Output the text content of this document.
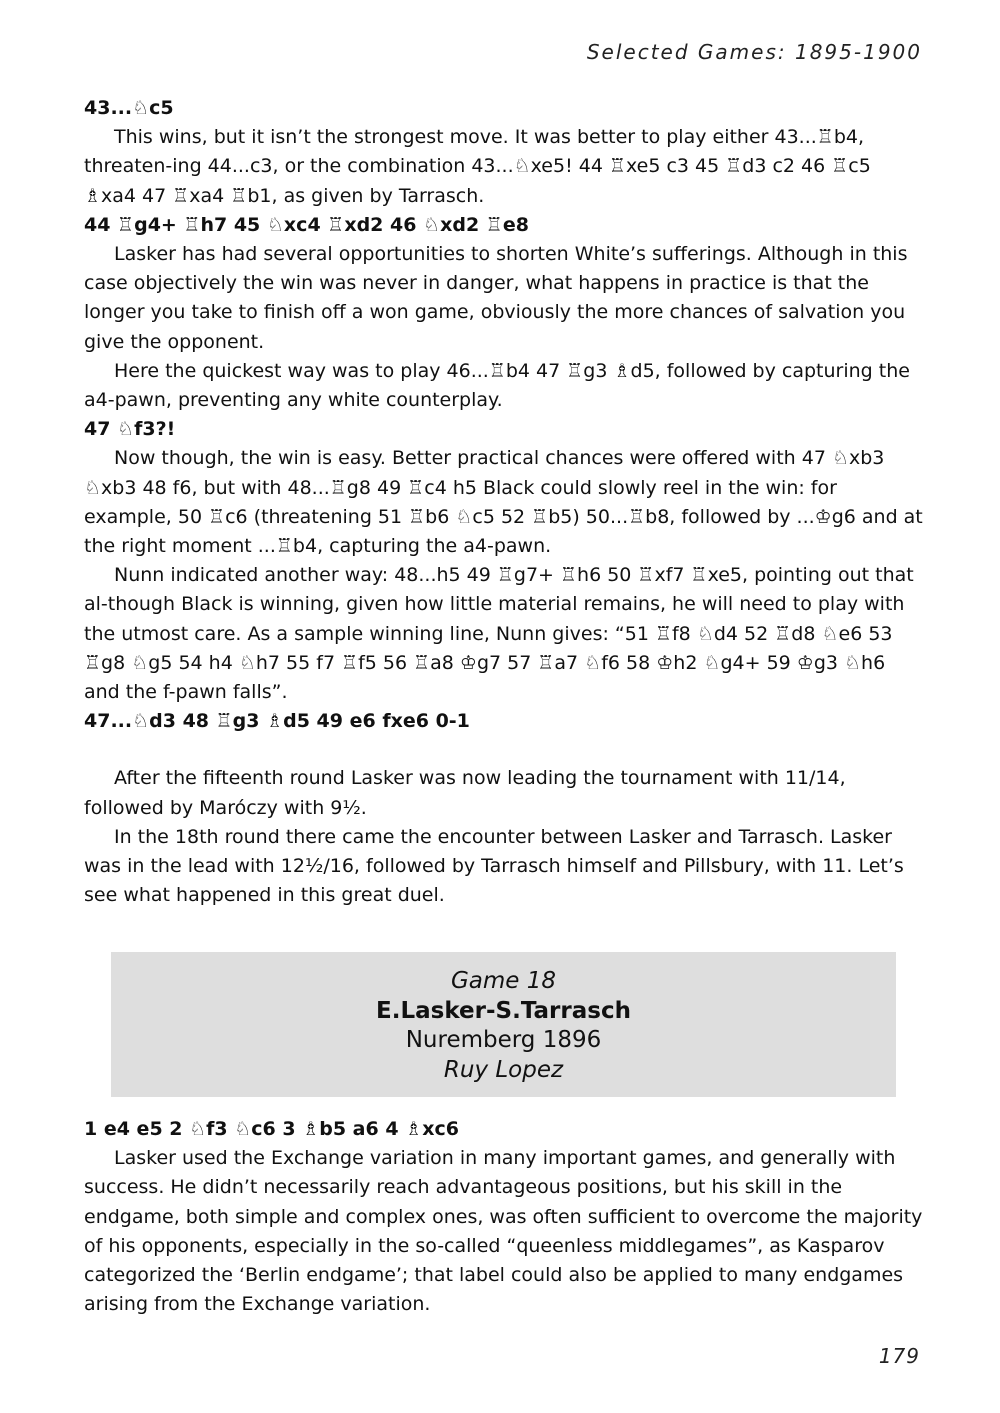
Selected Games: 1895-1900

43...♘c5

This wins, but it isn’t the strongest move. It was better to play either 43...♖b4, threaten-ing 44...c3, or the combination 43...♘xe5! 44 ♖xe5 c3 45 ♖d3 c2 46 ♖c5 ♗xa4 47 ♖xa4 ♖b1, as given by Tarrasch.

44 ♖g4+ ♖h7 45 ♘xc4 ♖xd2 46 ♘xd2 ♖e8

Lasker has had several opportunities to shorten White’s sufferings. Although in this case objectively the win was never in danger, what happens in practice is that the longer you take to finish off a won game, obviously the more chances of salvation you give the opponent.

Here the quickest way was to play 46...♖b4 47 ♖g3 ♗d5, followed by capturing the a4-pawn, preventing any white counterplay.

47 ♘f3?!

Now though, the win is easy. Better practical chances were offered with 47 ♘xb3 ♘xb3 48 f6, but with 48...♖g8 49 ♖c4 h5 Black could slowly reel in the win: for example, 50 ♖c6 (threatening 51 ♖b6 ♘c5 52 ♖b5) 50...♖b8, followed by ...♔g6 and at the right moment ...♖b4, capturing the a4-pawn.

Nunn indicated another way: 48...h5 49 ♖g7+ ♖h6 50 ♖xf7 ♖xe5, pointing out that al-though Black is winning, given how little material remains, he will need to play with the utmost care. As a sample winning line, Nunn gives: “51 ♖f8 ♘d4 52 ♖d8 ♘e6 53 ♖g8 ♘g5 54 h4 ♘h7 55 f7 ♖f5 56 ♖a8 ♔g7 57 ♖a7 ♘f6 58 ♔h2 ♘g4+ 59 ♔g3 ♘h6 and the f-pawn falls”.

47...♘d3 48 ♖g3 ♗d5 49 e6 fxe6 0-1

After the fifteenth round Lasker was now leading the tournament with 11/14, followed by Maróczy with 9½.

In the 18th round there came the encounter between Lasker and Tarrasch. Lasker was in the lead with 12½/16, followed by Tarrasch himself and Pillsbury, with 11. Let’s see what happened in this great duel.

Game 18
E.Lasker-S.Tarrasch
Nuremberg 1896
Ruy Lopez

1 e4 e5 2 ♘f3 ♘c6 3 ♗b5 a6 4 ♗xc6

Lasker used the Exchange variation in many important games, and generally with success. He didn’t necessarily reach advantageous positions, but his skill in the endgame, both simple and complex ones, was often sufficient to overcome the majority of his opponents, especially in the so-called “queenless middlegames”, as Kasparov categorized the ‘Berlin endgame’; that label could also be applied to many endgames arising from the Exchange variation.

179
